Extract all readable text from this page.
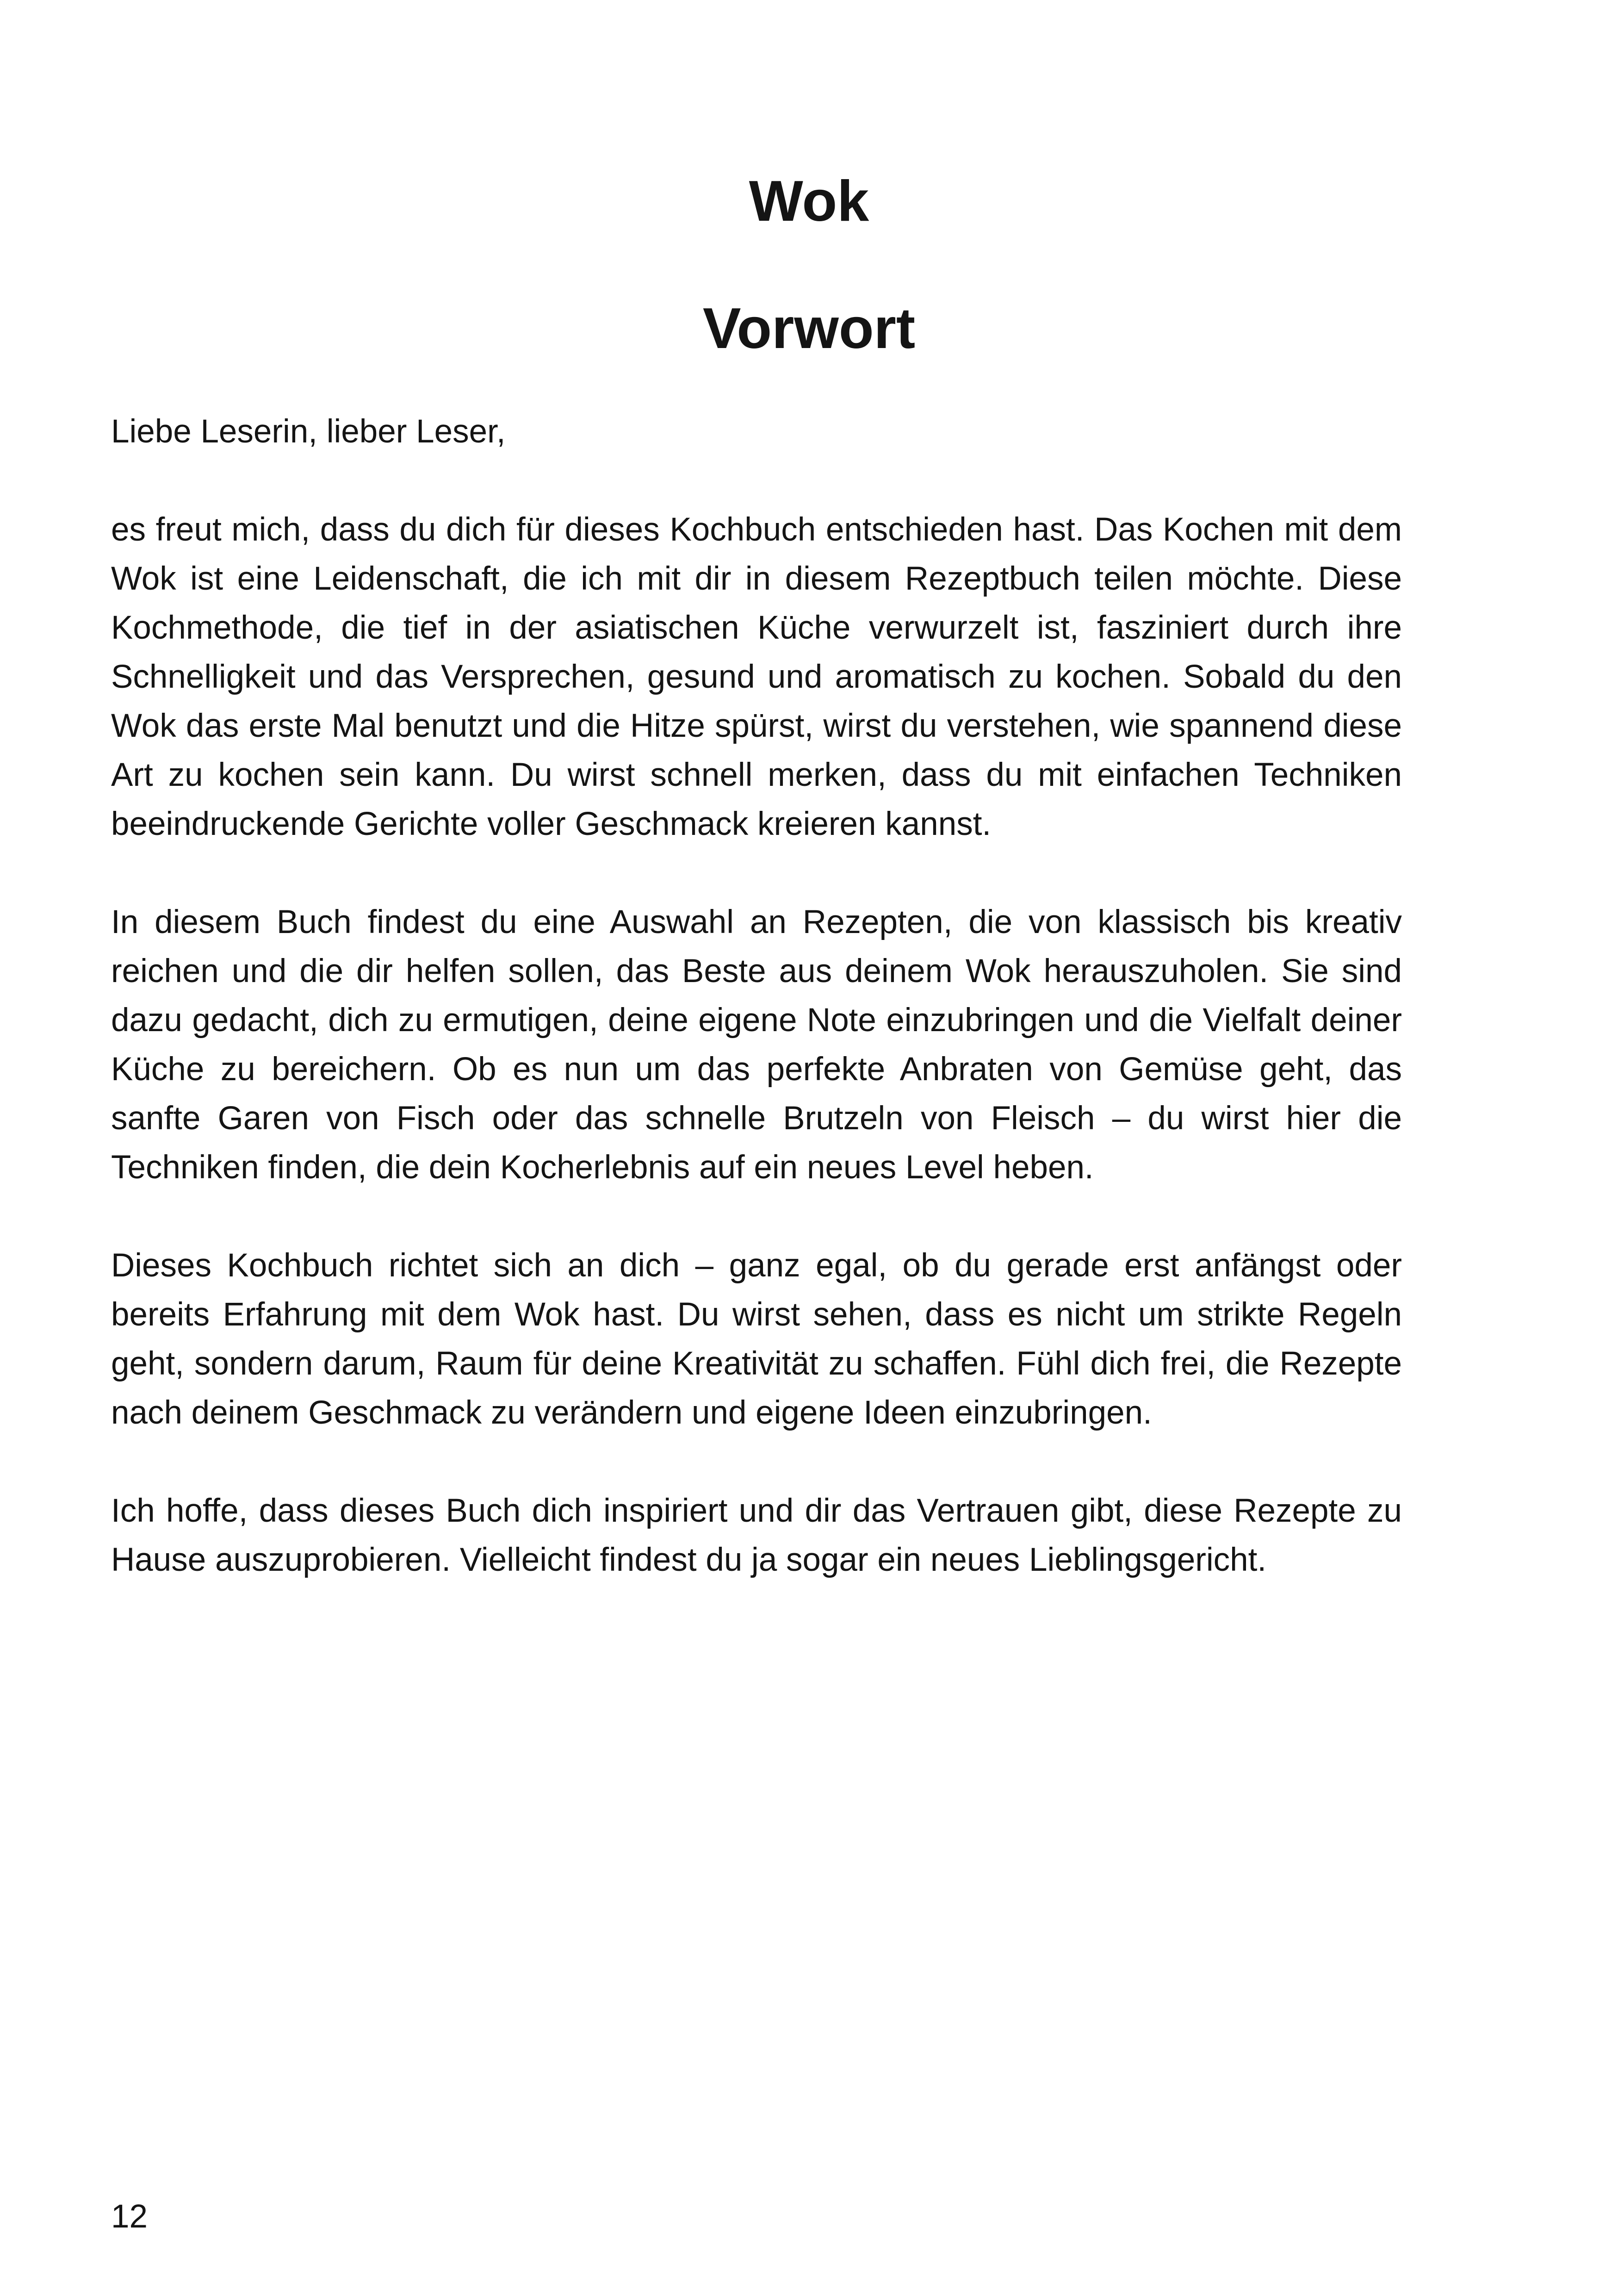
Wok
Vorwort

Liebe Leserin, lieber Leser,

es freut mich, dass du dich für dieses Kochbuch entschieden hast. Das Kochen mit dem Wok ist eine Leidenschaft, die ich mit dir in diesem Rezeptbuch teilen möchte. Diese Kochmethode, die tief in der asiatischen Küche verwurzelt ist, fasziniert durch ihre Schnelligkeit und das Versprechen, gesund und aromatisch zu kochen. Sobald du den Wok das erste Mal benutzt und die Hitze spürst, wirst du verstehen, wie spannend diese Art zu kochen sein kann. Du wirst schnell merken, dass du mit einfachen Techniken beeindruckende Gerichte voller Geschmack kreieren kannst.

In diesem Buch findest du eine Auswahl an Rezepten, die von klassisch bis kreativ reichen und die dir helfen sollen, das Beste aus deinem Wok herauszuholen. Sie sind dazu gedacht, dich zu ermutigen, deine eigene Note einzubringen und die Vielfalt deiner Küche zu bereichern. Ob es nun um das perfekte Anbraten von Gemüse geht, das sanfte Garen von Fisch oder das schnelle Brutzeln von Fleisch – du wirst hier die Techniken finden, die dein Kocherlebnis auf ein neues Level heben.

Dieses Kochbuch richtet sich an dich – ganz egal, ob du gerade erst anfängst oder bereits Erfahrung mit dem Wok hast. Du wirst sehen, dass es nicht um strikte Regeln geht, sondern darum, Raum für deine Kreativität zu schaffen. Fühl dich frei, die Rezepte nach deinem Geschmack zu verändern und eigene Ideen einzubringen.

Ich hoffe, dass dieses Buch dich inspiriert und dir das Vertrauen gibt, diese Rezepte zu Hause auszuprobieren. Vielleicht findest du ja sogar ein neues Lieblingsgericht.

12
